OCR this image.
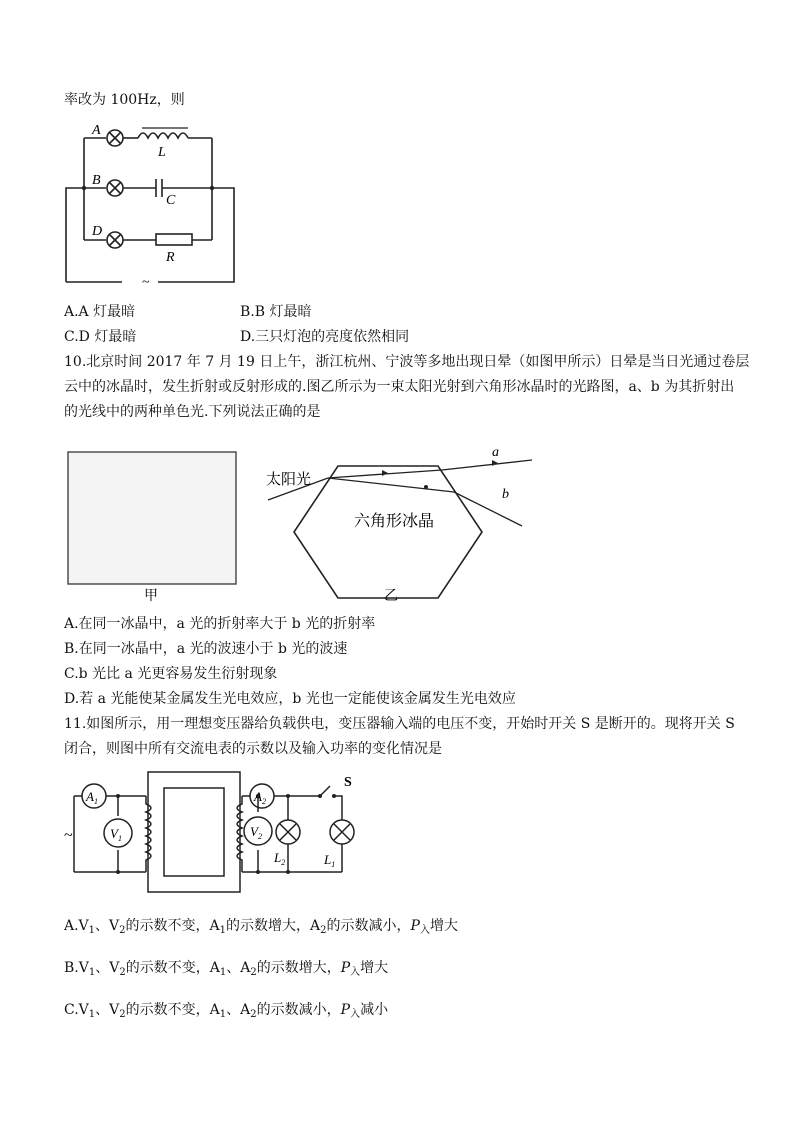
率改为 100Hz，则
A
L
B
C
D
R
~
A.A 灯最暗	B.B 灯最暗
C.D 灯最暗	D.三只灯泡的亮度依然相同
10.北京时间 2017 年 7 月 19 日上午，浙江杭州、宁波等多地出现日晕（如图甲所示）日晕是当日光通过卷层
云中的冰晶时，发生折射或反射形成的.图乙所示为一束太阳光射到六角形冰晶时的光路图，a、b 为其折射出
的光线中的两种单色光.下列说法正确的是
甲
太阳光
六角形冰晶
a
b
乙
A.在同一冰晶中，a 光的折射率大于 b 光的折射率
B.在同一冰晶中，a 光的波速小于 b 光的波速
C.b 光比 a 光更容易发生衍射现象
D.若 a 光能使某金属发生光电效应，b 光也一定能使该金属发生光电效应
11.如图所示，用一理想变压器给负载供电，变压器输入端的电压不变，开始时开关 S 是断开的。现将开关 S
闭合，则图中所有交流电表的示数以及输入功率的变化情况是
~
$A_1$
$V_1$
$A_2$
$V_2$
$L_2$	$L_1$
S
$A.V_1$、$V_2$的示数不变，$A_1$的示数增大，$A_2$的示数减小，$P_入$增大
$B.V_1$、$V_2$的示数不变，$A_1$、$A_2$的示数增大，$P_入$增大
$C.V_1$、$V_2$的示数不变，$A_1$、$A_2$的示数减小，$P_入$减小
